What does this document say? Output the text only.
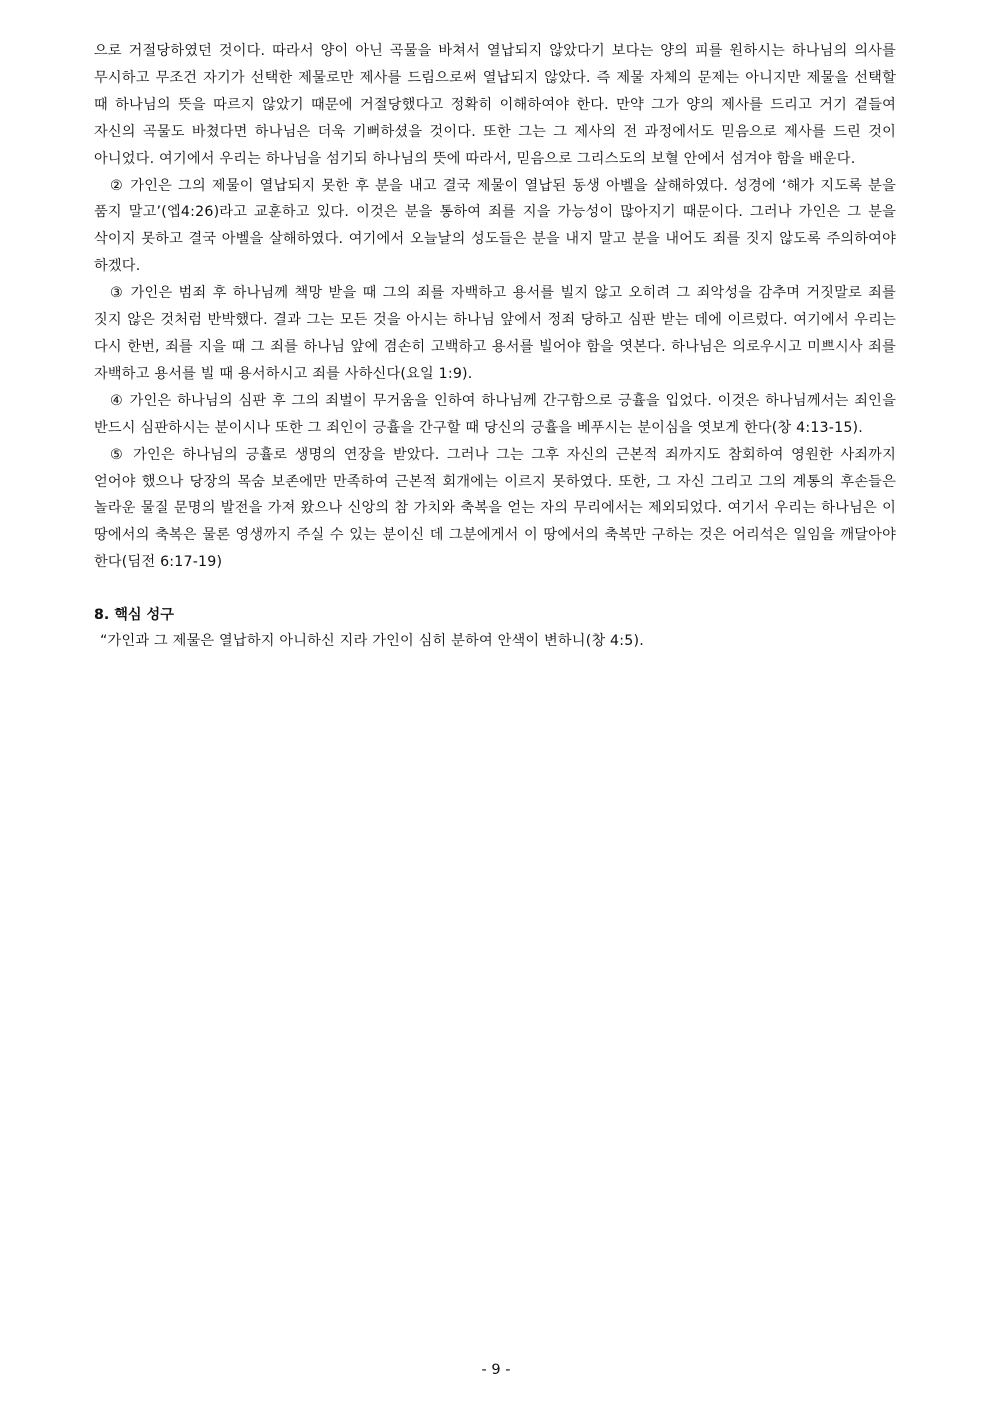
으로 거절당하였던 것이다. 따라서 양이 아닌 곡물을 바쳐서 열납되지 않았다기 보다는 양의 피를 원하시는 하나님의 의사를 무시하고 무조건 자기가 선택한 제물로만 제사를 드림으로써 열납되지 않았다. 즉 제물 자체의 문제는 아니지만 제물을 선택할 때 하나님의 뜻을 따르지 않았기 때문에 거절당했다고 정확히 이해하여야 한다. 만약 그가 양의 제사를 드리고 거기 곁들여 자신의 곡물도 바쳤다면 하나님은 더욱 기뻐하셨을 것이다. 또한 그는 그 제사의 전 과정에서도 믿음으로 제사를 드린 것이 아니었다. 여기에서 우리는 하나님을 섬기되 하나님의 뜻에 따라서, 믿음으로 그리스도의 보혈 안에서 섬겨야 함을 배운다.

② 가인은 그의 제물이 열납되지 못한 후 분을 내고 결국 제물이 열납된 동생 아벨을 살해하였다. 성경에 ‘해가 지도록 분을 품지 말고’(엡4:26)라고 교훈하고 있다. 이것은 분을 통하여 죄를 지을 가능성이 많아지기 때문이다. 그러나 가인은 그 분을 삭이지 못하고 결국 아벨을 살해하였다. 여기에서 오늘날의 성도들은 분을 내지 말고 분을 내어도 죄를 짓지 않도록 주의하여야 하겠다.

③ 가인은 범죄 후 하나님께 책망 받을 때 그의 죄를 자백하고 용서를 빌지 않고 오히려 그 죄악성을 감추며 거짓말로 죄를 짓지 않은 것처럼 반박했다. 결과 그는 모든 것을 아시는 하나님 앞에서 정죄 당하고 심판 받는 데에 이르렀다. 여기에서 우리는 다시 한번, 죄를 지을 때 그 죄를 하나님 앞에 겸손히 고백하고 용서를 빌어야 함을 엿본다. 하나님은 의로우시고 미쁘시사 죄를 자백하고 용서를 빌 때 용서하시고 죄를 사하신다(요일 1:9).

④ 가인은 하나님의 심판 후 그의 죄벌이 무거움을 인하여 하나님께 간구함으로 긍휼을 입었다. 이것은 하나님께서는 죄인을 반드시 심판하시는 분이시나 또한 그 죄인이 긍휼을 간구할 때 당신의 긍휼을 베푸시는 분이심을 엿보게 한다(창 4:13-15).

⑤ 가인은 하나님의 긍휼로 생명의 연장을 받았다. 그러나 그는 그후 자신의 근본적 죄까지도 참회하여 영원한 사죄까지 얻어야 했으나 당장의 목숨 보존에만 만족하여 근본적 회개에는 이르지 못하였다. 또한, 그 자신 그리고 그의 계통의 후손들은 놀라운 물질 문명의 발전을 가져 왔으나 신앙의 참 가치와 축복을 얻는 자의 무리에서는 제외되었다. 여기서 우리는 하나님은 이 땅에서의 축복은 물론 영생까지 주실 수 있는 분이신 데 그분에게서 이 땅에서의 축복만 구하는 것은 어리석은 일임을 깨달아야 한다(딤전 6:17-19)

8. 핵심 성구

“가인과 그 제물은 열납하지 아니하신 지라 가인이 심히 분하여 안색이 변하니(창 4:5).

- 9 -
